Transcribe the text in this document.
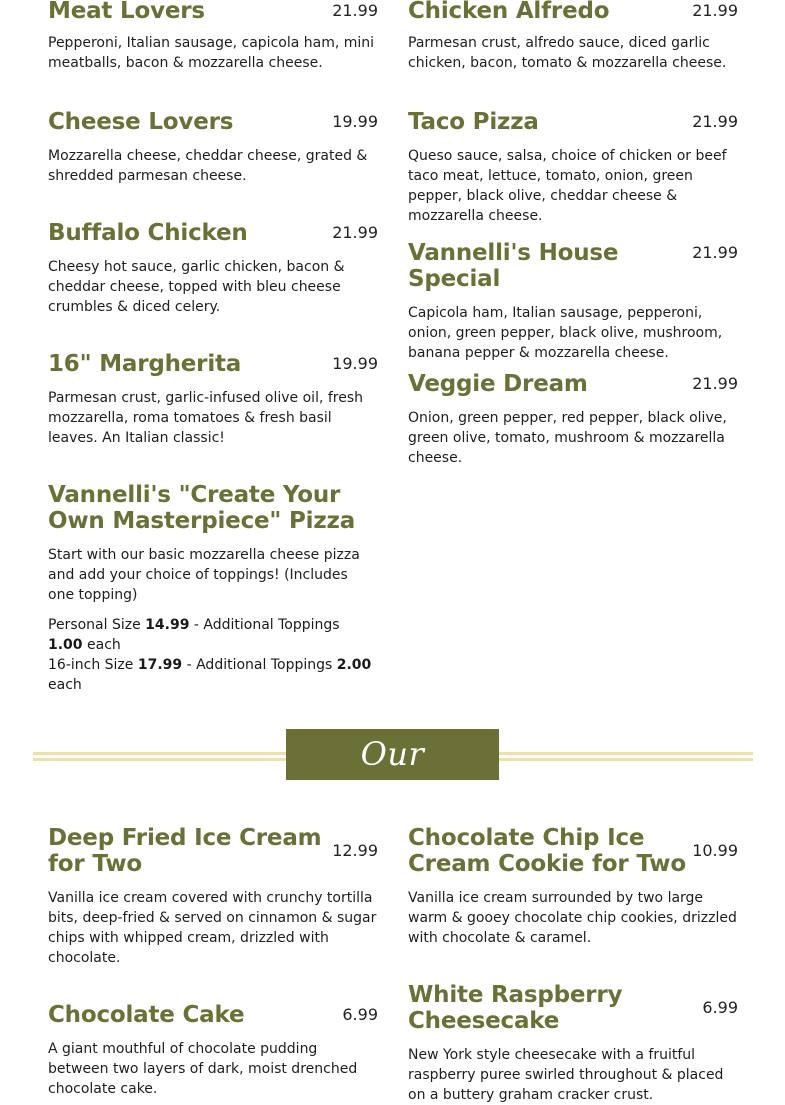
21.99
Meat Lovers
Pepperoni, Italian sausage, capicola ham, mini meatballs, bacon & mozzarella cheese.
19.99
Cheese Lovers
Mozzarella cheese, cheddar cheese, grated & shredded parmesan cheese.
21.99
Buffalo Chicken
Cheesy hot sauce, garlic chicken, bacon & cheddar cheese, topped with bleu cheese crumbles & diced celery.
19.99
16" Margherita
Parmesan crust, garlic-infused olive oil, fresh mozzarella, roma tomatoes & fresh basil leaves. An Italian classic!
Vannelli's "Create Your Own Masterpiece" Pizza
Start with our basic mozzarella cheese pizza and add your choice of toppings! (Includes one topping)
Personal Size 14.99 - Additional Toppings 1.00 each
16-inch Size 17.99 - Additional Toppings 2.00 each
21.99
Chicken Alfredo
Parmesan crust, alfredo sauce, diced garlic chicken, bacon, tomato & mozzarella cheese.
21.99
Taco Pizza
Queso sauce, salsa, choice of chicken or beef taco meat, lettuce, tomato, onion, green pepper, black olive, cheddar cheese & mozzarella cheese.
21.99
Vannelli's House Special
Capicola ham, Italian sausage, pepperoni, onion, green pepper, black olive, mushroom, banana pepper & mozzarella cheese.
21.99
Veggie Dream
Onion, green pepper, red pepper, black olive, green olive, tomato, mushroom & mozzarella cheese.
Our Desserts
12.99
Deep Fried Ice Cream for Two
Vanilla ice cream covered with crunchy tortilla bits, deep-fried & served on cinnamon & sugar chips with whipped cream, drizzled with chocolate.
10.99
Chocolate Chip Ice Cream Cookie for Two
Vanilla ice cream surrounded by two large warm & gooey chocolate chip cookies, drizzled with chocolate & caramel.
6.99
Chocolate Cake
A giant mouthful of chocolate pudding between two layers of dark, moist drenched chocolate cake.
6.99
White Raspberry Cheesecake
New York style cheesecake with a fruitful raspberry puree swirled throughout & placed on a buttery graham cracker crust.
